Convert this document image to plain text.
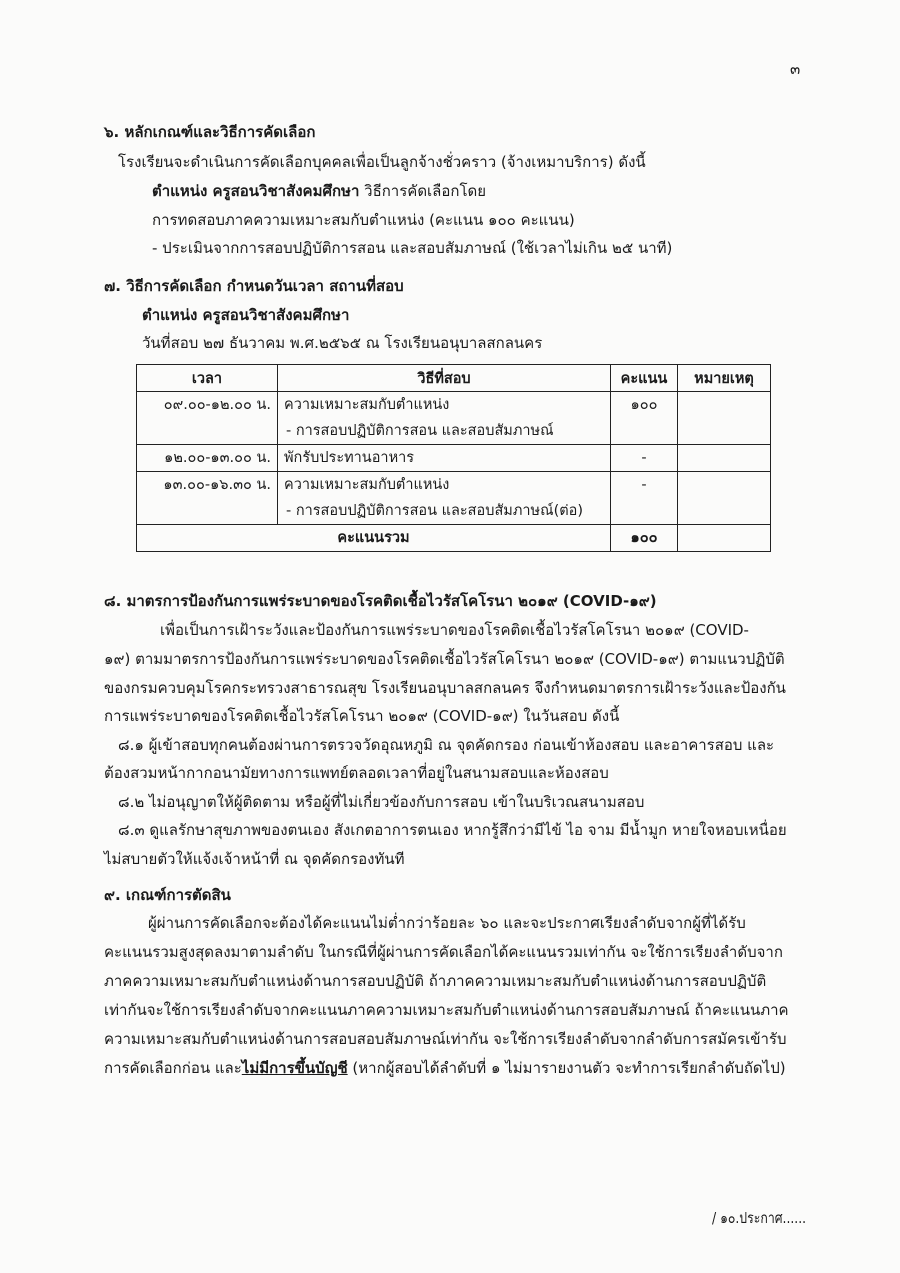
๓
๖. หลักเกณฑ์และวิธีการคัดเลือก
โรงเรียนจะดำเนินการคัดเลือกบุคคลเพื่อเป็นลูกจ้างชั่วคราว (จ้างเหมาบริการ) ดังนี้
ตำแหน่ง ครูสอนวิชาสังคมศึกษา วิธีการคัดเลือกโดย
การทดสอบภาคความเหมาะสมกับตำแหน่ง (คะแนน ๑๐๐ คะแนน)
- ประเมินจากการสอบปฏิบัติการสอน และสอบสัมภาษณ์ (ใช้เวลาไม่เกิน ๒๕ นาที)
๗. วิธีการคัดเลือก กำหนดวันเวลา สถานที่สอบ
ตำแหน่ง ครูสอนวิชาสังคมศึกษา
วันที่สอบ ๒๗ ธันวาคม พ.ศ.๒๕๖๕ ณ โรงเรียนอนุบาลสกลนคร
เวลา	วิธีที่สอบ	คะแนน	หมายเหตุ

๐๙.๐๐-๑๒.๐๐ น.	ความเหมาะสมกับตำแหน่ง
- การสอบปฏิบัติการสอน และสอบสัมภาษณ์	๑๐๐	

๑๒.๐๐-๑๓.๐๐ น.	พักรับประทานอาหาร	-	

๑๓.๐๐-๑๖.๓๐ น.	ความเหมาะสมกับตำแหน่ง
- การสอบปฏิบัติการสอน และสอบสัมภาษณ์(ต่อ)	-	

คะแนนรวม		๑๐๐	
๘. มาตรการป้องกันการแพร่ระบาดของโรคติดเชื้อไวรัสโคโรนา ๒๐๑๙ (COVID-๑๙)
เพื่อเป็นการเฝ้าระวังและป้องกันการแพร่ระบาดของโรคติดเชื้อไวรัสโคโรนา ๒๐๑๙ (COVID-
๑๙) ตามมาตรการป้องกันการแพร่ระบาดของโรคติดเชื้อไวรัสโคโรนา ๒๐๑๙ (COVID-๑๙) ตามแนวปฏิบัติ
ของกรมควบคุมโรคกระทรวงสาธารณสุข โรงเรียนอนุบาลสกลนคร จึงกำหนดมาตรการเฝ้าระวังและป้องกัน
การแพร่ระบาดของโรคติดเชื้อไวรัสโคโรนา ๒๐๑๙ (COVID-๑๙) ในวันสอบ ดังนี้
๘.๑ ผู้เข้าสอบทุกคนต้องผ่านการตรวจวัดอุณหภูมิ ณ จุดคัดกรอง ก่อนเข้าห้องสอบ และอาคารสอบ และ
ต้องสวมหน้ากากอนามัยทางการแพทย์ตลอดเวลาที่อยู่ในสนามสอบและห้องสอบ
๘.๒ ไม่อนุญาตให้ผู้ติดตาม หรือผู้ที่ไม่เกี่ยวข้องกับการสอบ เข้าในบริเวณสนามสอบ
๘.๓ ดูแลรักษาสุขภาพของตนเอง สังเกตอาการตนเอง หากรู้สึกว่ามีไข้ ไอ จาม มีน้ำมูก หายใจหอบเหนื่อย
ไม่สบายตัวให้แจ้งเจ้าหน้าที่ ณ จุดคัดกรองทันที
๙. เกณฑ์การตัดสิน
ผู้ผ่านการคัดเลือกจะต้องได้คะแนนไม่ต่ำกว่าร้อยละ ๖๐ และจะประกาศเรียงลำดับจากผู้ที่ได้รับ
คะแนนรวมสูงสุดลงมาตามลำดับ ในกรณีที่ผู้ผ่านการคัดเลือกได้คะแนนรวมเท่ากัน จะใช้การเรียงลำดับจาก
ภาคความเหมาะสมกับตำแหน่งด้านการสอบปฏิบัติ ถ้าภาคความเหมาะสมกับตำแหน่งด้านการสอบปฏิบัติ
เท่ากันจะใช้การเรียงลำดับจากคะแนนภาคความเหมาะสมกับตำแหน่งด้านการสอบสัมภาษณ์ ถ้าคะแนนภาค
ความเหมาะสมกับตำแหน่งด้านการสอบสอบสัมภาษณ์เท่ากัน จะใช้การเรียงลำดับจากลำดับการสมัครเข้ารับ
การคัดเลือกก่อน และไม่มีการขึ้นบัญชี (หากผู้สอบได้ลำดับที่ ๑ ไม่มารายงานตัว จะทำการเรียกลำดับถัดไป)
/ ๑๐.ประกาศ......
